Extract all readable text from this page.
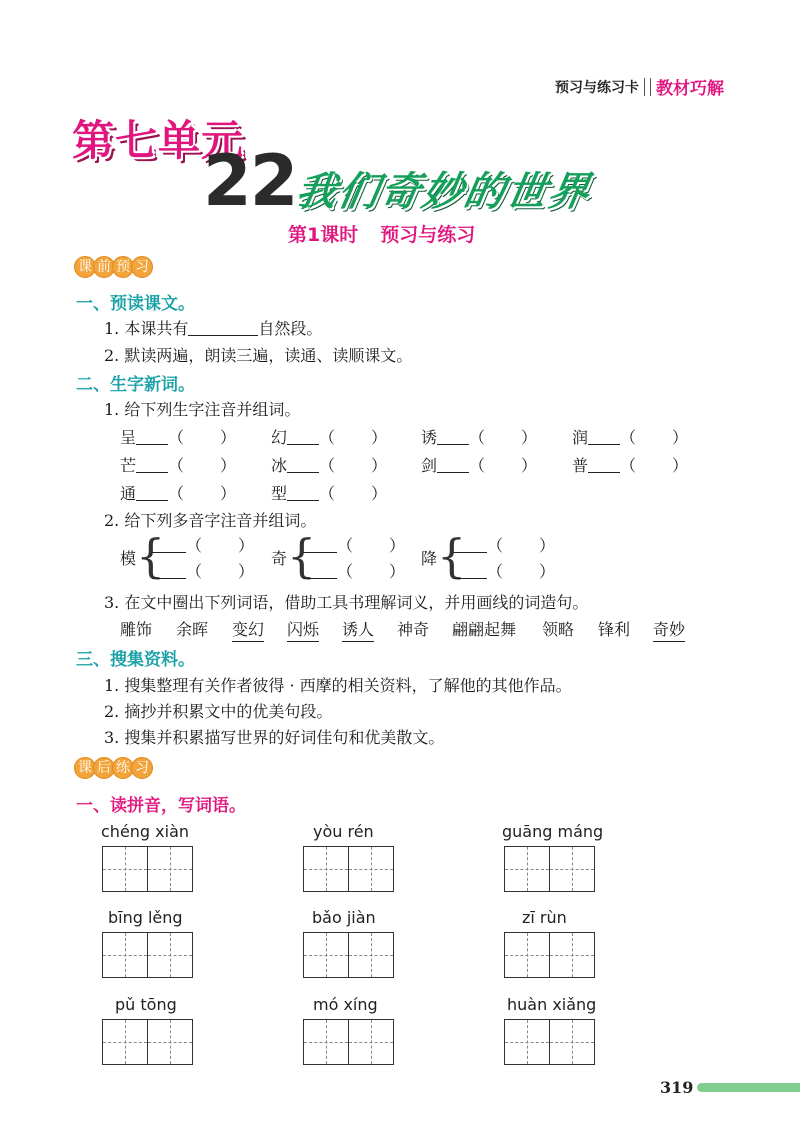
预习与练习卡 教材巧解
第七单元
22
我们奇妙的世界
第1课时 预习与练习
课 前 预 习
一、预读课文。
1. 本课共有	自然段。
2. 默读两遍，朗读三遍，读通、读顺课文。
二、生字新词。
1. 给下列生字注音并组词。
呈 （ ） 幻 （ ） 诱 （ ） 润 （ ）
芒 （ ） 冰 （ ） 剑 （ ） 普 （ ）
通 （ ） 型 （ ）
2. 给下列多音字注音并组词。
模 {	（ ）
（ ）
奇 {	（ ）
（ ）
降 {	（ ）
（ ）
3. 在文中圈出下列词语，借助工具书理解词义，并用画线的词造句。
雕饰 余晖 变幻 闪烁 诱人 神奇 翩翩起舞 领略 锋利 奇妙
三、搜集资料。
1. 搜集整理有关作者彼得 · 西摩的相关资料，了解他的其他作品。
2. 摘抄并积累文中的优美句段。
3. 搜集并积累描写世界的好词佳句和优美散文。
课 后 练 习
一、读拼音，写词语。
chéng xiàn	yòu rén	guāng máng
bīng lěng	bǎo jiàn	zī rùn
pǔ tōng	mó xíng	huàn xiǎng
319
